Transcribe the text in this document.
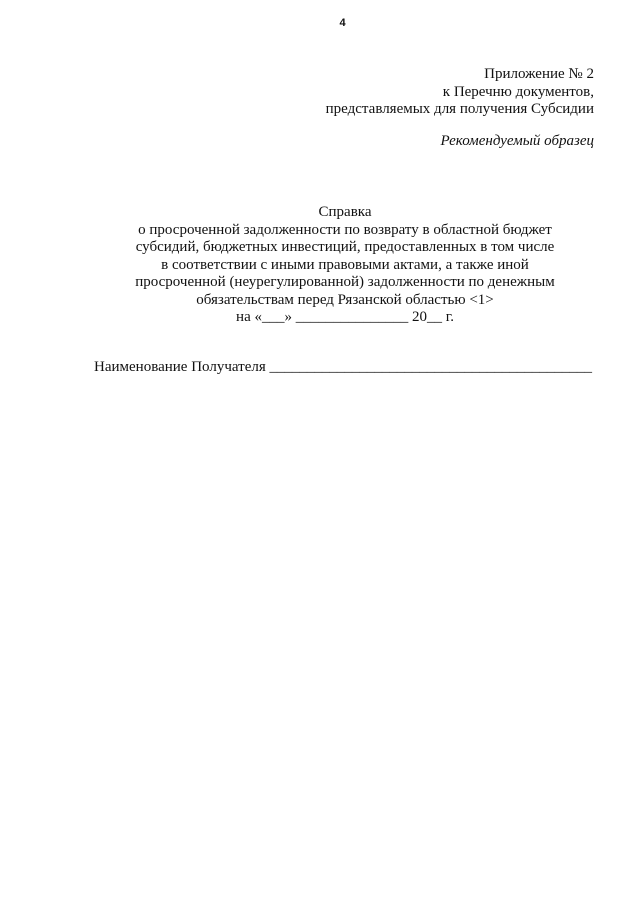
4
Приложение № 2
к Перечню документов,
представляемых для получения Субсидии
Рекомендуемый образец
Справка
о просроченной задолженности по возврату в областной бюджет
субсидий, бюджетных инвестиций, предоставленных в том числе
в соответствии с иными правовыми актами, а также иной
просроченной (неурегулированной) задолженности по денежным
обязательствам перед Рязанской областью <1>
на «___» _______________ 20__ г.
Наименование Получателя ___________________________________________
